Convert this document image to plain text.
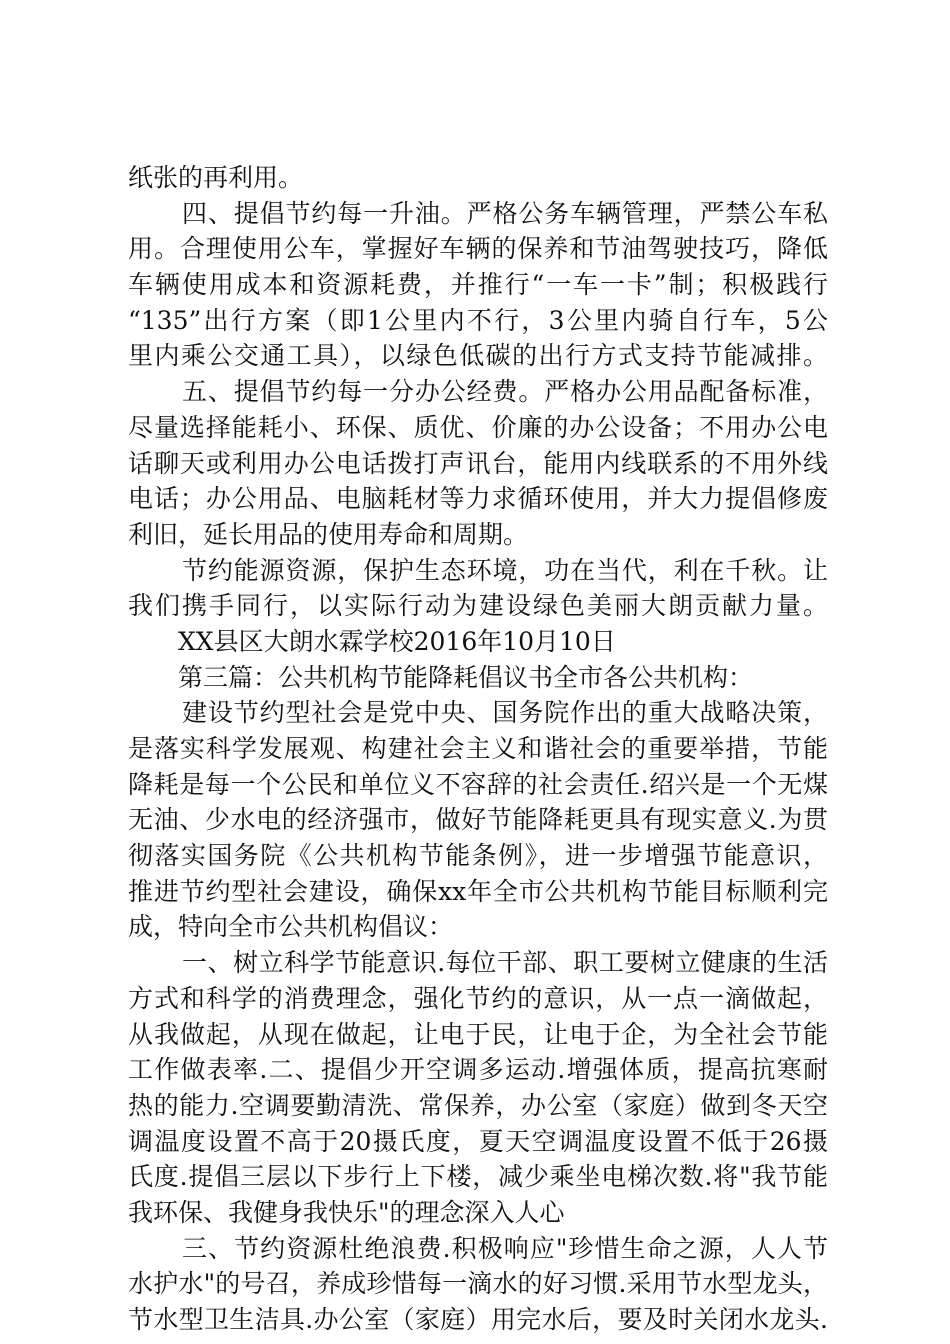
纸张的再利用。
四、提倡节约每一升油。严格公务车辆管理，严禁公车私
用。合理使用公车，掌握好车辆的保养和节油驾驶技巧，降低
车辆使用成本和资源耗费，并推行“一车一卡”制；积极践行
“135”出行方案（即1公里内不行，3公里内骑自行车，5公
里内乘公交通工具），以绿色低碳的出行方式支持节能减排。
五、提倡节约每一分办公经费。严格办公用品配备标准，
尽量选择能耗小、环保、质优、价廉的办公设备；不用办公电
话聊天或利用办公电话拨打声讯台，能用内线联系的不用外线
电话；办公用品、电脑耗材等力求循环使用，并大力提倡修废
利旧，延长用品的使用寿命和周期。
节约能源资源，保护生态环境，功在当代，利在千秋。让
我们携手同行，以实际行动为建设绿色美丽大朗贡献力量。
XX县区大朗水霖学校2016年10月10日
第三篇：公共机构节能降耗倡议书全市各公共机构：
建设节约型社会是党中央、国务院作出的重大战略决策，
是落实科学发展观、构建社会主义和谐社会的重要举措，节能
降耗是每一个公民和单位义不容辞的社会责任.绍兴是一个无煤
无油、少水电的经济强市，做好节能降耗更具有现实意义.为贯
彻落实国务院《公共机构节能条例》，进一步增强节能意识，
推进节约型社会建设，确保xx年全市公共机构节能目标顺利完
成，特向全市公共机构倡议：
一、树立科学节能意识.每位干部、职工要树立健康的生活
方式和科学的消费理念，强化节约的意识，从一点一滴做起，
从我做起，从现在做起，让电于民，让电于企，为全社会节能
工作做表率.二、提倡少开空调多运动.增强体质，提高抗寒耐
热的能力.空调要勤清洗、常保养，办公室（家庭）做到冬天空
调温度设置不高于20摄氏度，夏天空调温度设置不低于26摄
氏度.提倡三层以下步行上下楼，减少乘坐电梯次数.将"我节能
我环保、我健身我快乐"的理念深入人心
三、节约资源杜绝浪费.积极响应"珍惜生命之源，人人节
水护水"的号召，养成珍惜每一滴水的好习惯.采用节水型龙头，
节水型卫生洁具.办公室（家庭）用完水后，要及时关闭水龙头.
